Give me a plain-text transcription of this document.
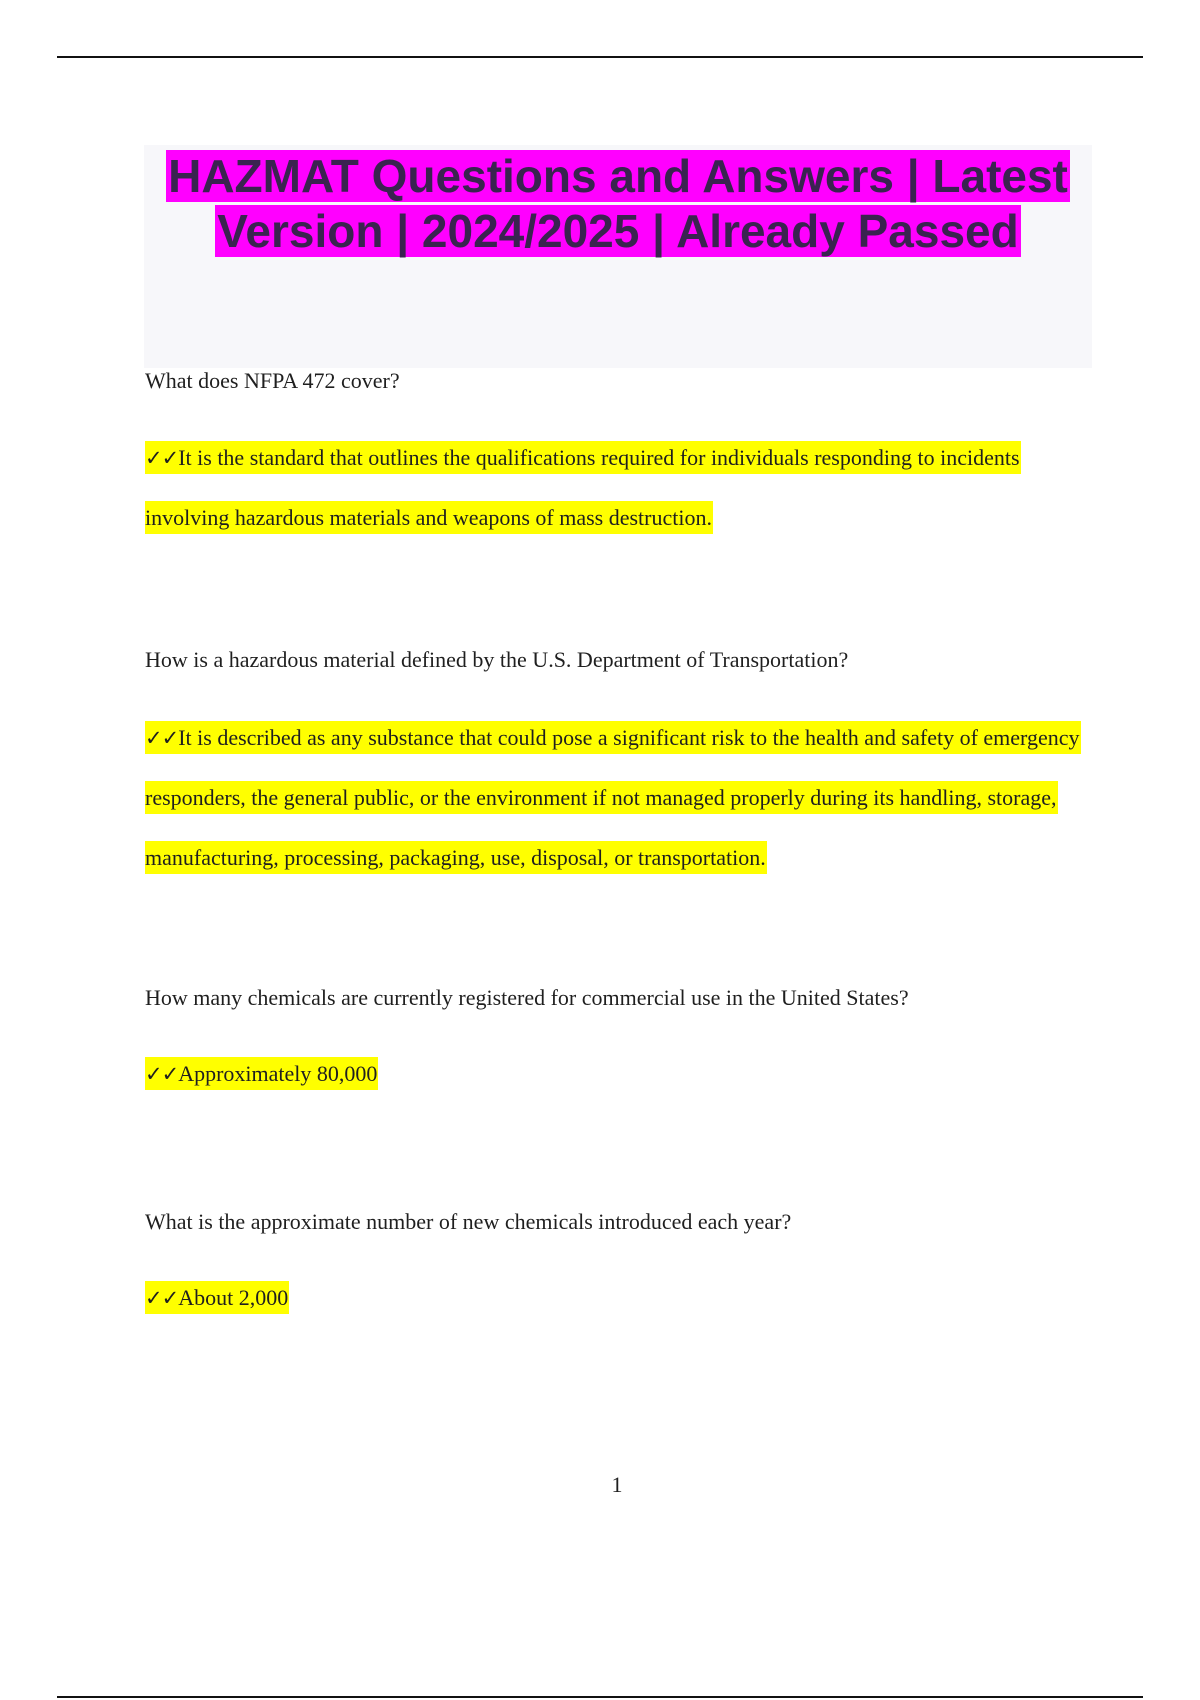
HAZMAT Questions and Answers | Latest Version | 2024/2025 | Already Passed

What does NFPA 472 cover?

✓✓It is the standard that outlines the qualifications required for individuals responding to incidents involving hazardous materials and weapons of mass destruction.

How is a hazardous material defined by the U.S. Department of Transportation?

✓✓It is described as any substance that could pose a significant risk to the health and safety of emergency responders, the general public, or the environment if not managed properly during its handling, storage, manufacturing, processing, packaging, use, disposal, or transportation.

How many chemicals are currently registered for commercial use in the United States?

✓✓Approximately 80,000

What is the approximate number of new chemicals introduced each year?

✓✓About 2,000

1
